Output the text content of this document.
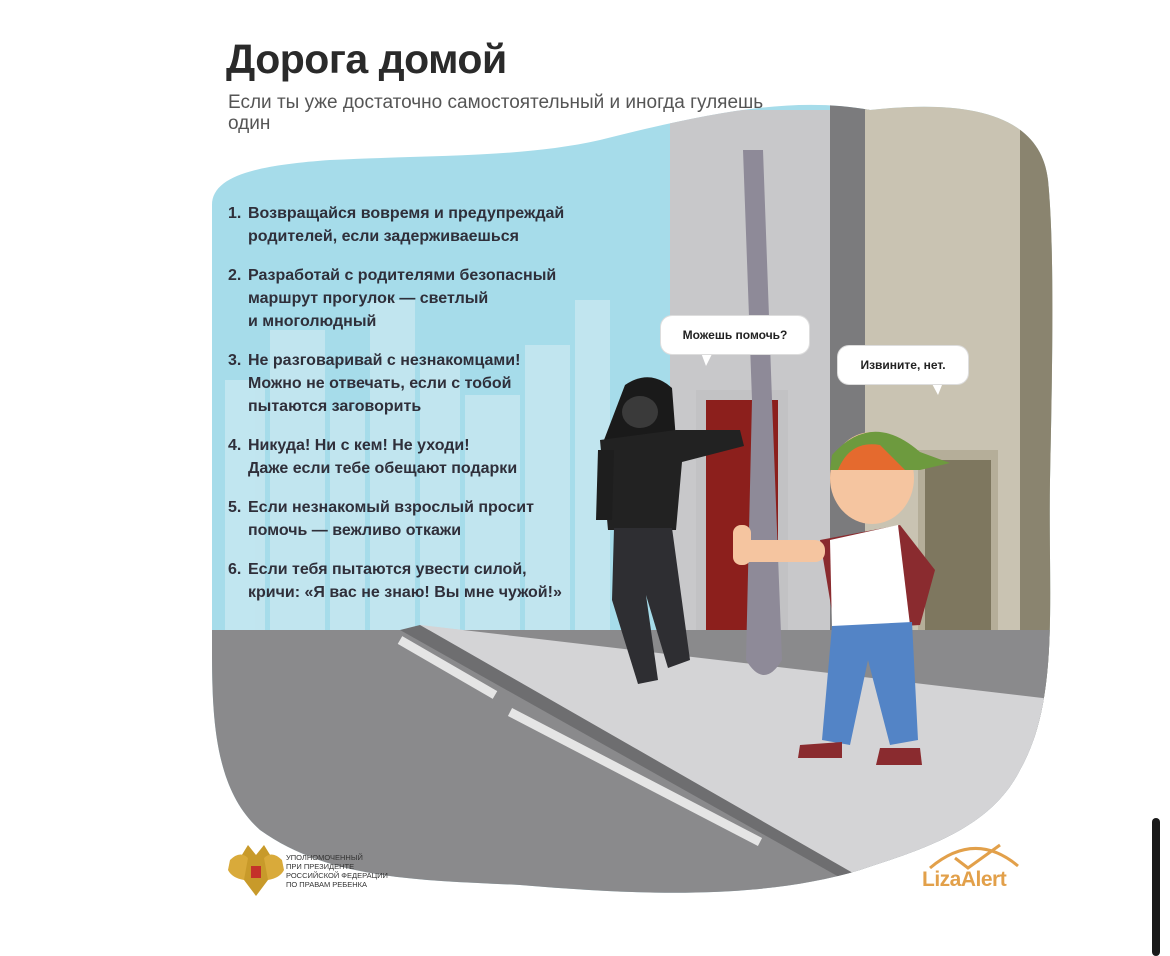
Дорога домой
Если ты уже достаточно самостоятельный и иногда гуляешь один
1. Возвращайся вовремя и предупреждай
родителей, если задерживаешься
2. Разработай с родителями безопасный
маршрут прогулок — светлый
и многолюдный
3. Не разговаривай с незнакомцами!
Можно не отвечать, если с тобой
пытаются заговорить
4. Никуда! Ни с кем! Не уходи!
Даже если тебе обещают подарки
5. Если незнакомый взрослый просит
помочь — вежливо откажи
6. Если тебя пытаются увести силой,
кричи: «Я вас не знаю! Вы мне чужой!»
Можешь помочь?
Извините, нет.
УПОЛНОМОЧЕННЫЙ
ПРИ ПРЕЗИДЕНТЕ
РОССИЙСКОЙ ФЕДЕРАЦИИ
ПО ПРАВАМ РЕБЕНКА	LizaAlert
